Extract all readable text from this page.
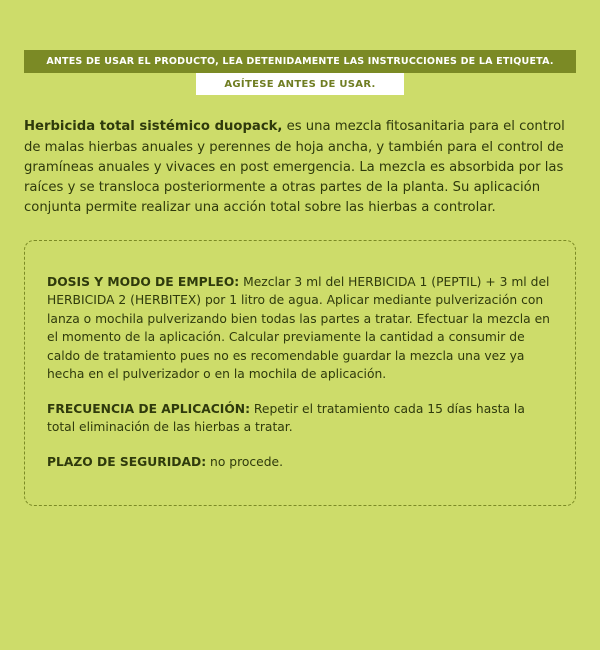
ANTES DE USAR EL PRODUCTO, LEA DETENIDAMENTE LAS INSTRUCCIONES DE LA ETIQUETA.
AGÍTESE ANTES DE USAR.

Herbicida total sistémico duopack, es una mezcla fitosanitaria para el control de malas hierbas anuales y perennes de hoja ancha, y también para el control de gramíneas anuales y vivaces en post emergencia. La mezcla es absorbida por las raíces y se transloca posteriormente a otras partes de la planta. Su aplicación conjunta permite realizar una acción total sobre las hierbas a controlar.

DOSIS Y MODO DE EMPLEO: Mezclar 3 ml del HERBICIDA 1 (PEPTIL) + 3 ml del HERBICIDA 2 (HERBITEX) por 1 litro de agua. Aplicar mediante pulverización con lanza o mochila pulverizando bien todas las partes a tratar. Efectuar la mezcla en el momento de la aplicación. Calcular previamente la cantidad a consumir de caldo de tratamiento pues no es recomendable guardar la mezcla una vez ya hecha en el pulverizador o en la mochila de aplicación.

FRECUENCIA DE APLICACIÓN: Repetir el tratamiento cada 15 días hasta la total eliminación de las hierbas a tratar.

PLAZO DE SEGURIDAD: no procede.
